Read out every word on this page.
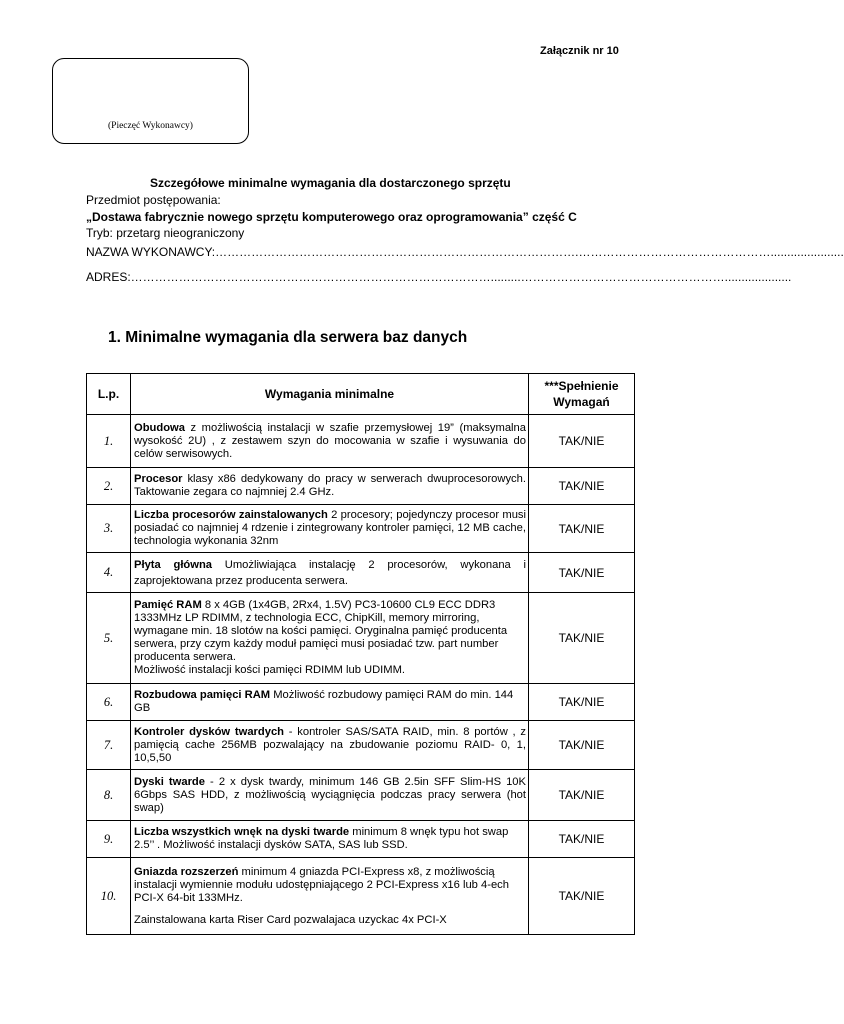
Załącznik nr 10
(Pieczęć Wykonawcy)
Szczegółowe minimalne wymagania dla dostarczonego sprzętu
Przedmiot postępowania:
„Dostawa fabrycznie nowego sprzętu komputerowego oraz oprogramowania” część C
Tryb: przetarg nieograniczony
NAZWA WYKONAWCY:……………………………………………………………………………….…………………………………………......................
ADRES:……………………………………………………………………………….........……………………………………………....................
1. Minimalne wymagania dla serwera baz danych
L.p.	Wymagania minimalne	***Spełnienie Wymagań
1.	Obudowa z możliwością instalacji w szafie przemysłowej 19” (maksymalna wysokość 2U) , z zestawem szyn do mocowania w szafie i wysuwania do celów serwisowych.	TAK/NIE
2.	Procesor klasy x86 dedykowany do pracy w serwerach dwuprocesorowych. Taktowanie zegara co najmniej 2.4 GHz.	TAK/NIE
3.	Liczba procesorów zainstalowanych 2 procesory; pojedynczy procesor musi posiadać co najmniej 4 rdzenie i zintegrowany kontroler pamięci, 12 MB cache, technologia wykonania 32nm	TAK/NIE
4.	Płyta główna Umożliwiająca instalację 2 procesorów, wykonana i zaprojektowana przez producenta serwera.	TAK/NIE
5.	Pamięć RAM 8 x 4GB (1x4GB, 2Rx4, 1.5V) PC3-10600 CL9 ECC DDR3 1333MHz LP RDIMM, z technologia ECC, ChipKill, memory mirroring, wymagane min. 18 slotów na kości pamięci. Oryginalna pamięć producenta serwera, przy czym każdy moduł pamięci musi posiadać tzw. part number producenta serwera.
Możliwość instalacji kości pamięci RDIMM lub UDIMM.	TAK/NIE
6.	Rozbudowa pamięci RAM Możliwość rozbudowy pamięci RAM do min. 144 GB	TAK/NIE
7.	Kontroler dysków twardych - kontroler SAS/SATA RAID, min. 8 portów , z pamięcią cache 256MB pozwalający na zbudowanie poziomu RAID- 0, 1, 10,5,50	TAK/NIE
8.	Dyski twarde - 2 x dysk twardy, minimum 146 GB 2.5in SFF Slim-HS 10K 6Gbps SAS HDD, z możliwością wyciągnięcia podczas pracy serwera (hot swap)	TAK/NIE
9.	Liczba wszystkich wnęk na dyski twarde minimum 8 wnęk typu hot swap 2.5’’ . Możliwość instalacji dysków SATA, SAS lub SSD.	TAK/NIE
10.	Gniazda rozszerzeń minimum 4 gniazda PCI-Express x8, z możliwością instalacji wymiennie modułu udostępniającego 2 PCI-Express x16 lub 4-ech PCI-X 64-bit 133MHz.
Zainstalowana karta Riser Card pozwalajaca uzyckac 4x PCI-X	TAK/NIE
